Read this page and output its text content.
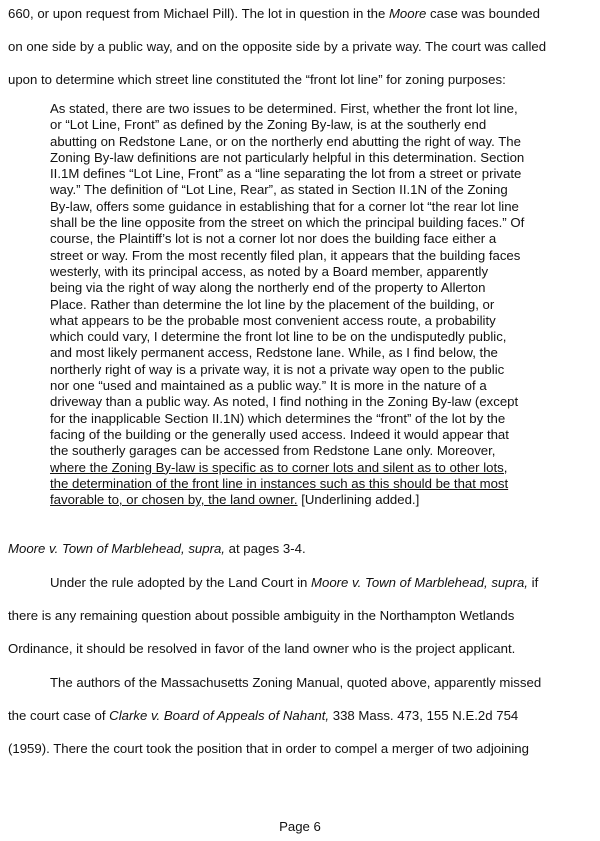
660, or upon request from Michael Pill). The lot in question in the Moore case was bounded
on one side by a public way, and on the opposite side by a private way. The court was called
upon to determine which street line constituted the “front lot line” for zoning purposes:
As stated, there are two issues to be determined. First, whether the front lot line,
or “Lot Line, Front” as defined by the Zoning By-law, is at the southerly end
abutting on Redstone Lane, or on the northerly end abutting the right of way. The
Zoning By-law definitions are not particularly helpful in this determination. Section
II.1M defines “Lot Line, Front” as a “line separating the lot from a street or private
way.” The definition of “Lot Line, Rear”, as stated in Section II.1N of the Zoning
By-law, offers some guidance in establishing that for a corner lot “the rear lot line
shall be the line opposite from the street on which the principal building faces.” Of
course, the Plaintiff’s lot is not a corner lot nor does the building face either a
street or way. From the most recently filed plan, it appears that the building faces
westerly, with its principal access, as noted by a Board member, apparently
being via the right of way along the northerly end of the property to Allerton
Place. Rather than determine the lot line by the placement of the building, or
what appears to be the probable most convenient access route, a probability
which could vary, I determine the front lot line to be on the undisputedly public,
and most likely permanent access, Redstone lane. While, as I find below, the
northerly right of way is a private way, it is not a private way open to the public
nor one “used and maintained as a public way.” It is more in the nature of a
driveway than a public way. As noted, I find nothing in the Zoning By-law (except
for the inapplicable Section II.1N) which determines the “front” of the lot by the
facing of the building or the generally used access. Indeed it would appear that
the southerly garages can be accessed from Redstone Lane only. Moreover,
where the Zoning By-law is specific as to corner lots and silent as to other lots,
the determination of the front line in instances such as this should be that most
favorable to, or chosen by, the land owner. [Underlining added.]
Moore v. Town of Marblehead, supra, at pages 3-4.
Under the rule adopted by the Land Court in Moore v. Town of Marblehead, supra, if
there is any remaining question about possible ambiguity in the Northampton Wetlands
Ordinance, it should be resolved in favor of the land owner who is the project applicant.
The authors of the Massachusetts Zoning Manual, quoted above, apparently missed
the court case of Clarke v. Board of Appeals of Nahant, 338 Mass. 473, 155 N.E.2d 754
(1959). There the court took the position that in order to compel a merger of two adjoining
Page 6
